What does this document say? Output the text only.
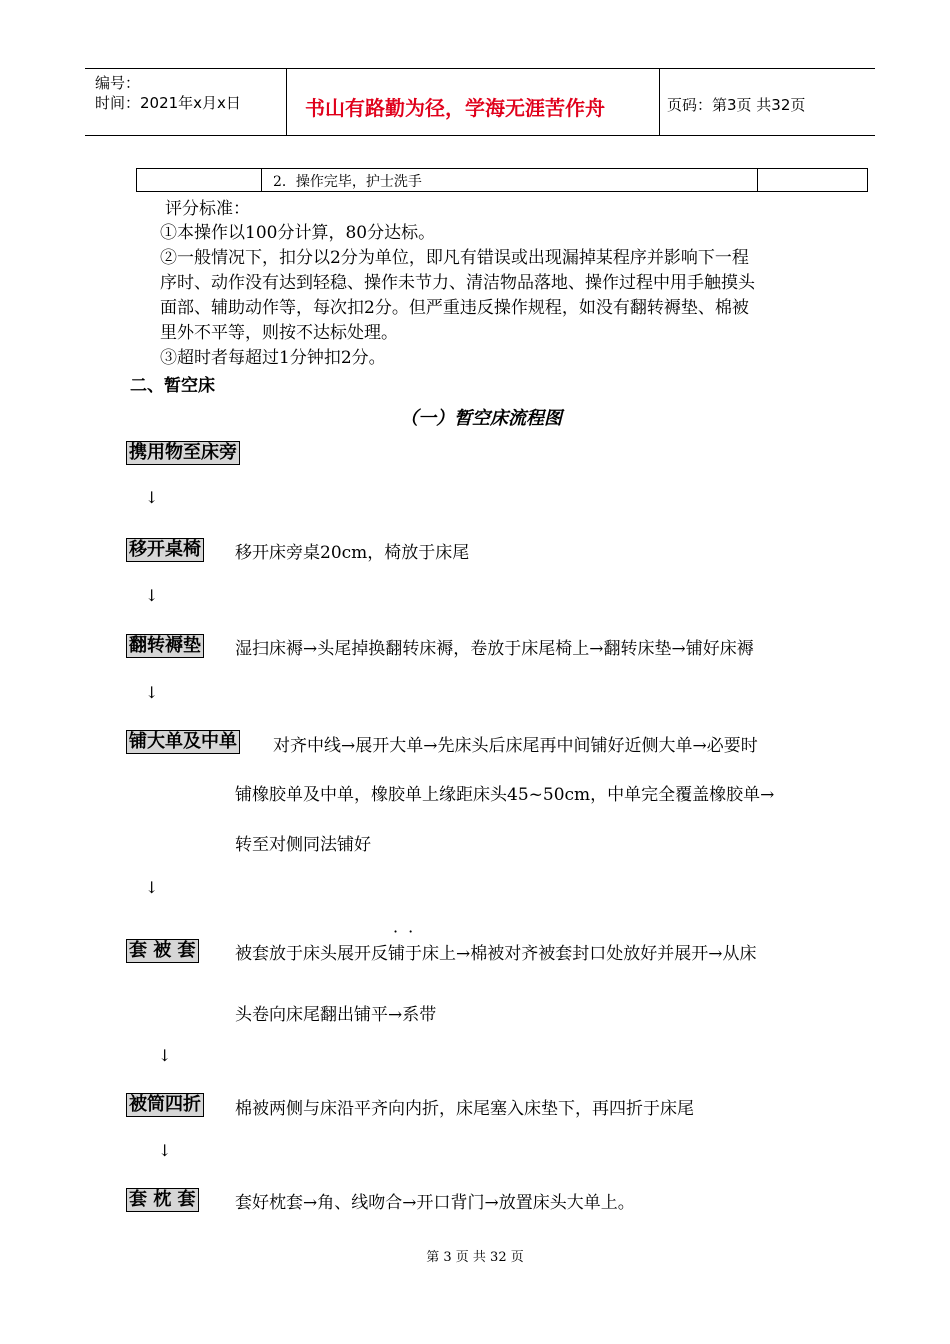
编号：
时间：2021年x月x日	书山有路勤为径，学海无涯苦作舟	页码：第3页 共32页
2．操作完毕，护士洗手
评分标准：
①本操作以100分计算，80分达标。
②一般情况下，扣分以2分为单位，即凡有错误或出现漏掉某程序并影响下一程
序时、动作没有达到轻稳、操作未节力、清洁物品落地、操作过程中用手触摸头
面部、辅助动作等，每次扣2分。但严重违反操作规程，如没有翻转褥垫、棉被
里外不平等，则按不达标处理。
③超时者每超过1分钟扣2分。
二、暂空床
（一）暂空床流程图
携用物至床旁
↓
移开桌椅 移开床旁桌20cm，椅放于床尾
↓
翻转褥垫 湿扫床褥→头尾掉换翻转床褥，卷放于床尾椅上→翻转床垫→铺好床褥
↓
铺大单及中单 对齐中线→展开大单→先床头后床尾再中间铺好近侧大单→必要时
铺橡胶单及中单，橡胶单上缘距床头45~50cm，中单完全覆盖橡胶单→
转至对侧同法铺好
↓
··
套 被 套 被套放于床头展开反铺于床上→棉被对齐被套封口处放好并展开→从床
头卷向床尾翻出铺平→系带
↓
被筒四折 棉被两侧与床沿平齐向内折，床尾塞入床垫下，再四折于床尾
↓
套 枕 套 套好枕套→角、线吻合→开口背门→放置床头大单上。
第 3 页 共 32 页
